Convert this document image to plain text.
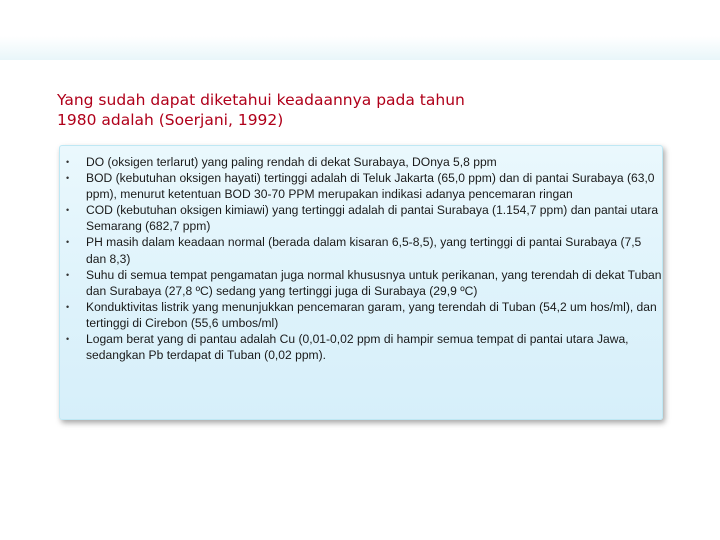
Yang sudah dapat diketahui keadaannya pada tahun
1980 adalah (Soerjani, 1992)
•	DO (oksigen terlarut) yang paling rendah di dekat Surabaya, DOnya 5,8 ppm
•	BOD (kebutuhan oksigen hayati) tertinggi adalah di Teluk Jakarta (65,0 ppm) dan di pantai Surabaya (63,0 ppm), menurut ketentuan BOD 30-70 PPM merupakan indikasi adanya pencemaran ringan
•	COD (kebutuhan oksigen kimiawi) yang tertinggi adalah di pantai Surabaya (1.154,7 ppm) dan pantai utara Semarang (682,7 ppm)
•	PH masih dalam keadaan normal (berada dalam kisaran 6,5-8,5), yang tertinggi di pantai Surabaya (7,5 dan 8,3)
•	Suhu di semua tempat pengamatan juga normal khususnya untuk perikanan, yang terendah di dekat Tuban dan Surabaya (27,8 ºC) sedang yang tertinggi juga di Surabaya (29,9 ºC)
•	Konduktivitas listrik yang menunjukkan pencemaran garam, yang terendah di Tuban (54,2 um hos/ml), dan tertinggi di Cirebon (55,6 umbos/ml)
•	Logam berat yang di pantau adalah Cu (0,01-0,02 ppm di hampir semua tempat di pantai utara Jawa, sedangkan Pb terdapat di Tuban (0,02 ppm).
